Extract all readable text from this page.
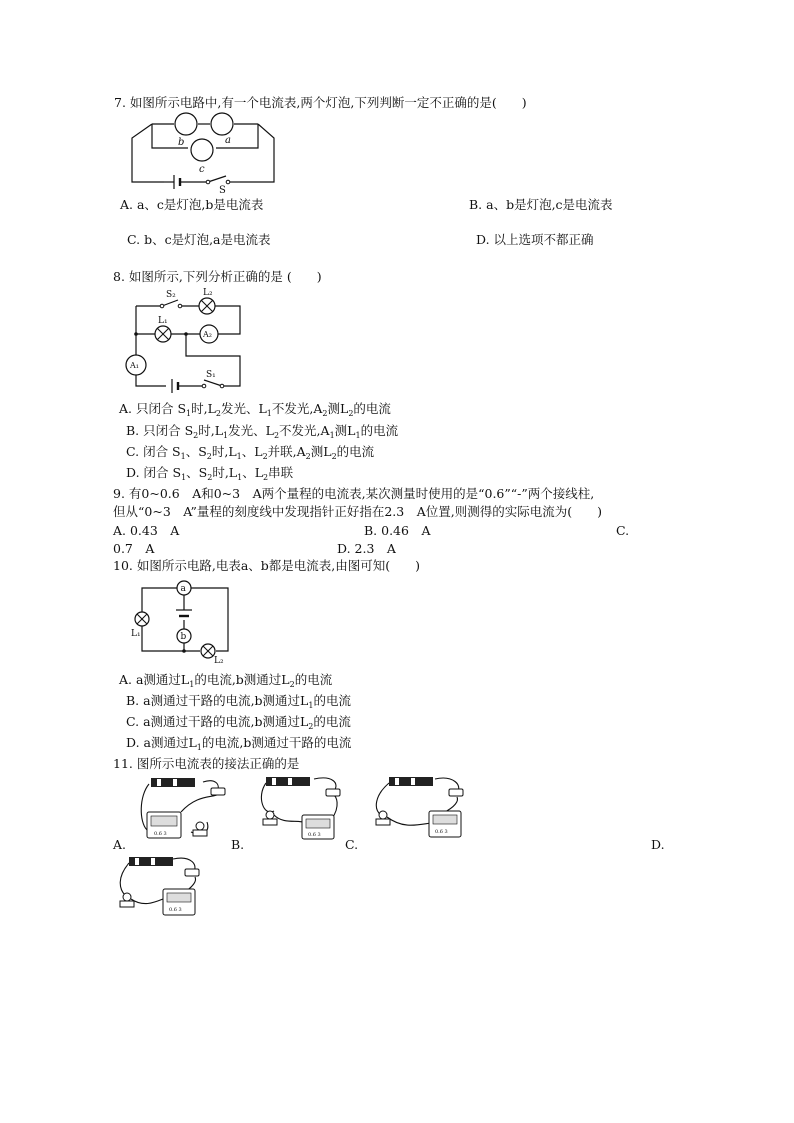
7. 如图所示电路中,有一个电流表,两个灯泡,下列判断一定不正确的是(　　)
b	a
c
S
A. a、c是灯泡,b是电流表	B. a、b是灯泡,c是电流表
C. b、c是灯泡,a是电流表	D. 以上选项不都正确
8. 如图所示,下列分析正确的是 (　　)
S₂	L₂
L₁
A₂
A₁
S₁
A. 只闭合 $S_1$时$,L_2$发光、$L_1$不发光$,A_2$测$L_2$的电流
B. 只闭合 $S_2$时$,L_1$发光、$L_2$不发光$,A_1$测$L_1$的电流
C. 闭合 $S_1$、$S_2$时$,L_1$、$L_2$并联$,A_2$测$L_2$的电流
D. 闭合 $S_1$、$S_2$时$,L_1$、$L_2$串联
9. 有0~0.6　A和0~3　A两个量程的电流表,某次测量时使用的是“0.6”“-”两个接线柱,
但从“0~3　A”量程的刻度线中发现指针正好指在2.3　A位置,则测得的实际电流为(　　)
A. 0.43　A	B. 0.46　A	C.
0.7　A	D. 2.3　A
10. 如图所示电路,电表a、b都是电流表,由图可知(　　)
a
b
L₁
L₂
A. a测通过$L_1$的电流,b测通过$L_2$的电流
B. a测通过干路的电流,b测通过$L_1$的电流
C. a测通过干路的电流,b测通过$L_2$的电流
D. a测通过$L_1$的电流,b测通过干路的电流
11. 图所示电流表的接法正确的是
0.6 3
A.
0.6 3
B.
0.6 3
C.	D.
0.6 3
